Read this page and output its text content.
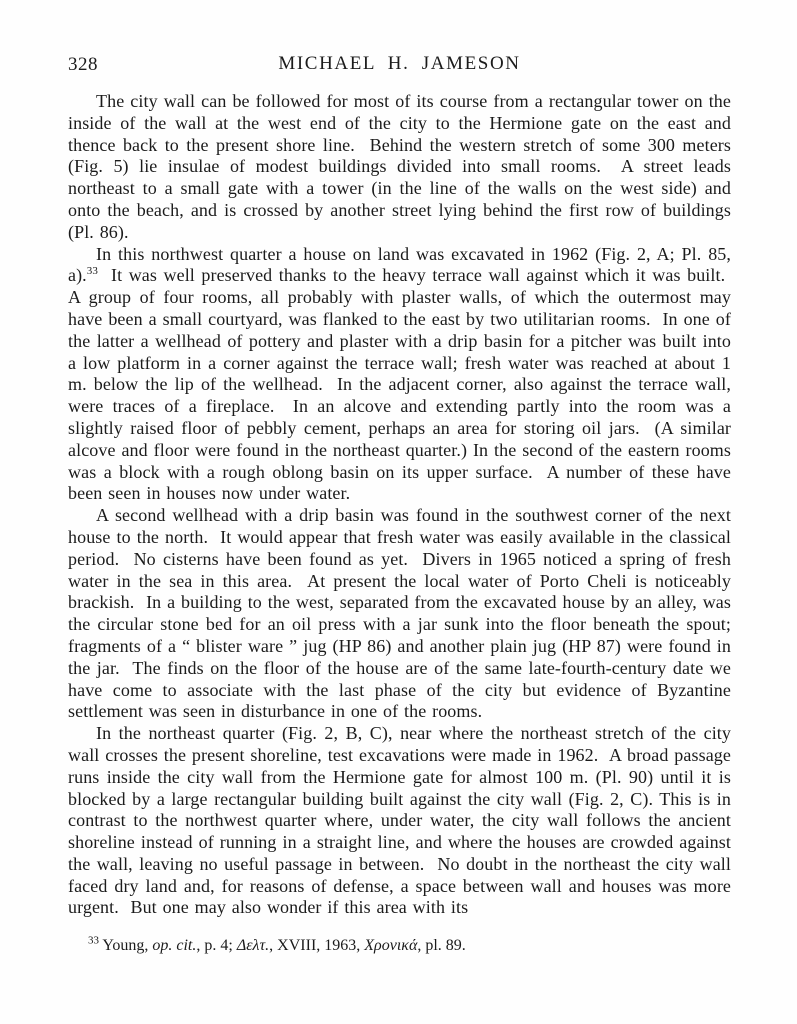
328	MICHAEL H. JAMESON

The city wall can be followed for most of its course from a rectangular tower on the inside of the wall at the west end of the city to the Hermione gate on the east and thence back to the present shore line.  Behind the western stretch of some 300 meters (Fig. 5) lie insulae of modest buildings divided into small rooms.  A street leads northeast to a small gate with a tower (in the line of the walls on the west side) and onto the beach, and is crossed by another street lying behind the first row of buildings (Pl. 86).

In this northwest quarter a house on land was excavated in 1962 (Fig. 2, A; Pl. 85, a).$^{33}$  It was well preserved thanks to the heavy terrace wall against which it was built.  A group of four rooms, all probably with plaster walls, of which the outermost may have been a small courtyard, was flanked to the east by two utilitarian rooms.  In one of the latter a wellhead of pottery and plaster with a drip basin for a pitcher was built into a low platform in a corner against the terrace wall; fresh water was reached at about 1 m. below the lip of the wellhead.  In the adjacent corner, also against the terrace wall, were traces of a fireplace.  In an alcove and extending partly into the room was a slightly raised floor of pebbly cement, perhaps an area for storing oil jars.  (A similar alcove and floor were found in the northeast quarter.) In the second of the eastern rooms was a block with a rough oblong basin on its upper surface.  A number of these have been seen in houses now under water.

A second wellhead with a drip basin was found in the southwest corner of the next house to the north.  It would appear that fresh water was easily available in the classical period.  No cisterns have been found as yet.  Divers in 1965 noticed a spring of fresh water in the sea in this area.  At present the local water of Porto Cheli is noticeably brackish.  In a building to the west, separated from the excavated house by an alley, was the circular stone bed for an oil press with a jar sunk into the floor beneath the spout; fragments of a “ blister ware ” jug (HP 86) and another plain jug (HP 87) were found in the jar.  The finds on the floor of the house are of the same late-fourth-century date we have come to associate with the last phase of the city but evidence of Byzantine settlement was seen in disturbance in one of the rooms.

In the northeast quarter (Fig. 2, B, C), near where the northeast stretch of the city wall crosses the present shoreline, test excavations were made in 1962.  A broad passage runs inside the city wall from the Hermione gate for almost 100 m. (Pl. 90) until it is blocked by a large rectangular building built against the city wall (Fig. 2, C). This is in contrast to the northwest quarter where, under water, the city wall follows the ancient shoreline instead of running in a straight line, and where the houses are crowded against the wall, leaving no useful passage in between.  No doubt in the northeast the city wall faced dry land and, for reasons of defense, a space between wall and houses was more urgent.  But one may also wonder if this area with its

$^{33}$ Young, op. cit., p. 4; Δελτ., XVIII, 1963, Χρονικά, pl. 89.
